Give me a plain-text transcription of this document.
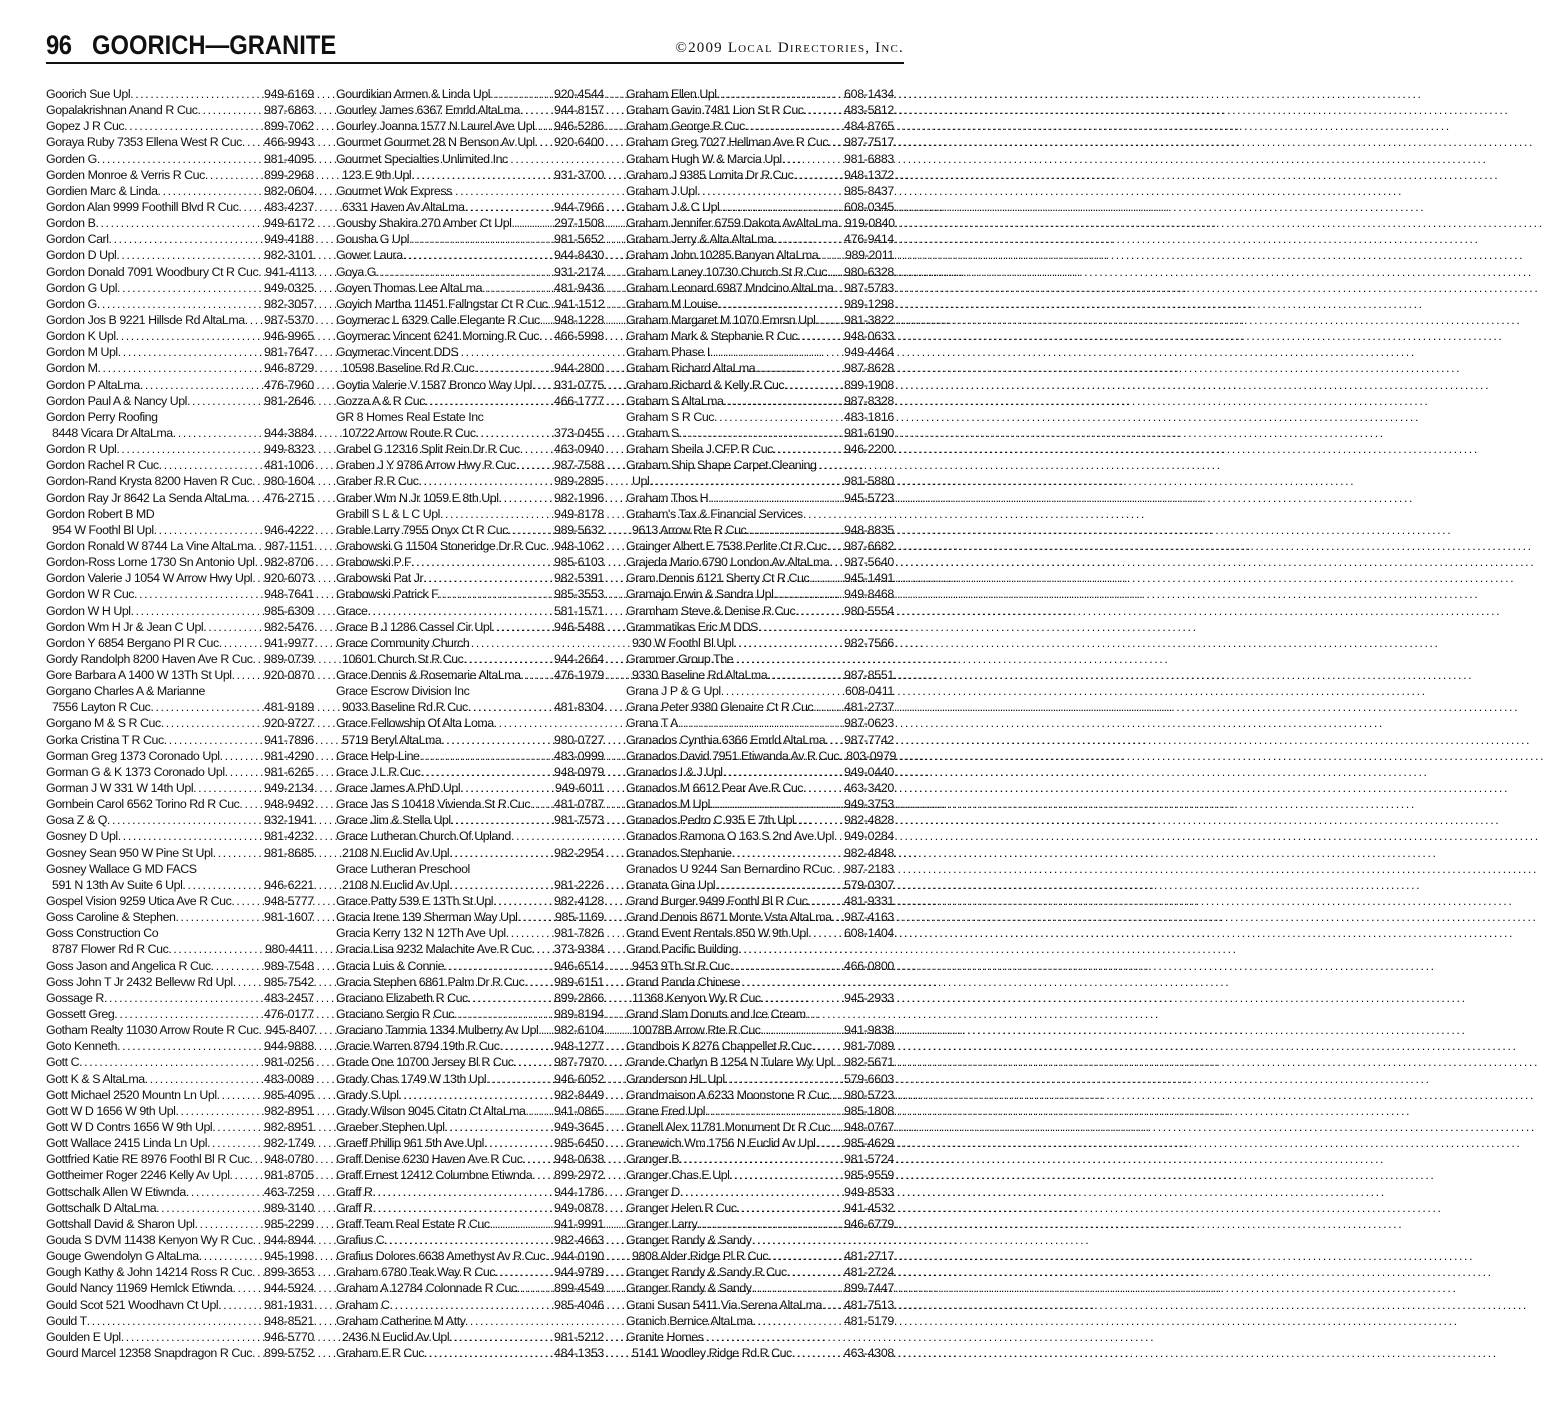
96 GOORICH—GRANITE	©2009 Local Directories, Inc.
Goorich Sue Upl .....	949-6169
Gopalakrishnan Anand R Cuc .....	987-6863
Gopez J R Cuc .....	899-7062
Goraya Ruby 7353 Ellena West R Cuc ..... 466-9943
Gorden G .....	981-4095
Gorden Monroe & Verris R Cuc .....	899-2968
Gordien Marc & Linda .....	982-0604
Gordon Alan 9999 Foothill Blvd R Cuc ..... 483-4237
Gordon B .....	949-6172
Gordon Carl .....	949-4188
Gordon D Upl .....	982-3101
Gordon Donald 7091 Woodbury Ct R Cuc ..... 941-4113
Gordon G Upl .....	949-0325
Gordon G .....	982-3057
Gordon Jos B 9221 Hillsde Rd AltaLma ..... 987-5370
Gordon K Upl .....	946-9965
Gordon M Upl .....	981-7647
Gordon M .....	946-8729
Gordon P AltaLma .....	476-7960
Gordon Paul A & Nancy Upl .....	981-2646
Gordon Perry Roofing
8448 Vicara Dr AltaLma .....	944-3884
Gordon R Upl .....	949-8323
Gordon Rachel R Cuc .....	481-1006
Gordon-Rand Krysta 8200 Haven R Cuc ..... 980-1604
Gordon Ray Jr 8642 La Senda AltaLma ..... 476-2715
Gordon Robert B MD
954 W Foothl Bl Upl .....	946-4222
Gordon Ronald W 8744 La Vine AltaLma ..... 987-1151
Gordon-Ross Lorne 1730 Sn Antonio Upl ..... 982-8706
Gordon Valerie J 1054 W Arrow Hwy Upl ..... 920-6073
Gordon W R Cuc .....	948-7641
Gordon W H Upl .....	985-6309
Gordon Wm H Jr & Jean C Upl .....	982-5476
Gordon Y 6854 Bergano Pl R Cuc .....	941-9977
Gordy Randolph 8200 Haven Ave R Cuc ..... 989-0739
Gore Barbara A 1400 W 13Th St Upl .....	920-0870
Gorgano Charles A & Marianne
7556 Layton R Cuc .....	481-9189
Gorgano M & S R Cuc .....	920-9727
Gorka Cristina T R Cuc .....	941-7896
Gorman Greg 1373 Coronado Upl .....	981-4290
Gorman G & K 1373 Coronado Upl .....	981-6265
Gorman J W 331 W 14th Upl .....	949-2134
Gornbein Carol 6562 Torino Rd R Cuc ..... 948-9492
Gosa Z & Q .....	932-1941
Gosney D Upl .....	981-4232
Gosney Sean 950 W Pine St Upl .....	981-8685
Gosney Wallace G MD FACS
591 N 13th Av Suite 6 Upl .....	946-6221
Gospel Vision 9259 Utica Ave R Cuc .....	948-5777
Goss Caroline & Stephen .....	981-1607
Goss Construction Co
8787 Flower Rd R Cuc .....	980-4411
Goss Jason and Angelica R Cuc .....	989-7548
Goss John T Jr 2432 Bellevw Rd Upl .....	985-7542
Gossage R .....	483-2457
Gossett Greg .....	476-0177
Gotham Realty 11030 Arrow Route R Cuc ..... 945-8407
Goto Kenneth .....	944-9888
Gott C .....	981-0256
Gott K & S AltaLma .....	483-0089
Gott Michael 2520 Mountn Ln Upl .....	985-4095
Gott W D 1656 W 9th Upl .....	982-8951
Gott W D Contrs 1656 W 9th Upl .....	982-8951
Gott Wallace 2415 Linda Ln Upl .....	982-1749
Gottfried Katie RE 8976 Foothl Bl R Cuc ..... 948-0780
Gottheimer Roger 2246 Kelly Av Upl .....	981-8705
Gottschalk Allen W Etiwnda .....	463-7259
Gottschalk D AltaLma .....	989-3140
Gottshall David & Sharon Upl .....	985-2299
Gouda S DVM 11438 Kenyon Wy R Cuc ..... 944-8944
Gouge Gwendolyn G AltaLma .....	945-1998
Gough Kathy & John 14214 Ross R Cuc ..... 899-3653
Gould Nancy 11969 Hemlck Etiwnda .....	944-5924
Gould Scot 521 Woodhavn Ct Upl .....	981-1931
Gould T .....	948-8521
Goulden E Upl .....	946-5770
Gourd Marcel 12358 Snapdragon R Cuc ..... 899-5752
Gourdikian Armen & Linda Upl .....	920-4544
Gourley James 6367 Emrld AltaLma .....	944-8157
Gourley Joanna 1577 N Laurel Ave Upl ..... 946-5286
Gourmet Gourmet 28 N Benson Av Upl ..... 920-6400
Gourmet Specialties Unlimited Inc
123 E 9th Upl .....	931-3700
Gourmet Wok Express
6331 Haven Av AltaLma .....	944-7966
Gousby Shakira 270 Amber Ct Upl .....	297-1508
Gousha G Upl .....	981-5652
Gower Laura .....	944-8430
Goya G .....	931-2174
Goyen Thomas Lee AltaLma .....	481-9436
Goyich Martha 11451 Fallngstar Ct R Cuc ..... 941-1512
Goymerac L 6329 Calle Elegante R Cuc ..... 948-1228
Goymerac Vincent 6241 Morning R Cuc ..... 466-5998
Goymerac Vincent DDS
10598 Baseline Rd R Cuc .....	944-2800
Goytia Valerie V 1587 Bronco Way Upl ..... 931-0775
Gozza A & R Cuc .....	466-1777
GR 8 Homes Real Estate Inc
10722 Arrow Route R Cuc .....	373-0455
Grabel G 12316 Split Rein Dr R Cuc .....	463-0940
Graben J Y 9786 Arrow Hwy R Cuc .....	987-7588
Graber R R Cuc .....	989-2895
Graber Wm N Jr 1059 E 8th Upl .....	982-1996
Grabill S L & L C Upl .....	949-8178
Grable Larry 7955 Onyx Ct R Cuc .....	989-5632
Grabowski G 11504 Stoneridge Dr R Cuc ..... 948-1062
Grabowski P F .....	985-6103
Grabowski Pat Jr .....	982-5391
Grabowski Patrick F .....	985-3553
Grace .....	581-1571
Grace B J 1286 Cassel Cir Upl .....	946-5488
Grace Community Church
10601 Church St R Cuc .....	944-2664
Grace Dennis & Rosemarie AltaLma .....	476-1979
Grace Escrow Division Inc
9033 Baseline Rd R Cuc .....	481-8304
Grace Fellowship Of Alta Loma
5719 Beryl AltaLma .....	980-0727
Grace Help-Line .....	483-0999
Grace J L R Cuc .....	948-0979
Grace James A PhD Upl .....	949-6011
Grace Jas S 10418 Vivienda St R Cuc ..... 481-0787
Grace Jim & Stella Upl .....	981-7573
Grace Lutheran Church Of Upland
2108 N Euclid Av Upl .....	982-2954
Grace Lutheran Preschool
2108 N Euclid Av Upl .....	981-2226
Grace Patty 539 E 13Th St Upl .....	982-4128
Gracia Irene 139 Sherman Way Upl .....	985-1169
Gracia Kerry 132 N 12Th Ave Upl .....	981-7826
Gracia Lisa 9232 Malachite Ave R Cuc ..... 373-9384
Gracia Luis & Connie .....	946-6514
Gracia Stephen 6861 Palm Dr R Cuc ..... 989-6151
Graciano Elizabeth R Cuc .....	899-2866
Graciano Sergio R Cuc .....	989-8194
Graciano Tammia 1334 Mulberry Av Upl ..... 982-6104
Gracie Warren 8794 19th R Cuc .....	948-1277
Grade One 10700 Jersey Bl R Cuc .....	987-7970
Grady Chas 1749 W 13th Upl .....	946-6052
Grady S Upl .....	982-8449
Grady Wilson 9045 Citatn Ct AltaLma ..... 941-0865
Graeber Stephen Upl .....	949-3645
Graeff Phillip 961 5th Ave Upl .....	985-6450
Graff Denise 6230 Haven Ave R Cuc .....	948-0638
Graff Ernest 12412 Columbne Etiwnda ..... 899-2972
Graff R .....	944-1786
Graff R .....	949-0878
Graff Team Real Estate R Cuc .....	941-9991
Grafius C .....	982-4663
Grafius Dolores 6638 Amethyst Av R Cuc ..... 944-0190
Graham 6780 Teak Way R Cuc .....	944-9789
Graham A 12784 Colonnade R Cuc .....	899-4549
Graham C .....	985-4046
Graham Catherine M Atty
2436 N Euclid Av Upl .....	981-5212
Graham E R Cuc .....	484-1353
Graham Ellen Upl .....	608-1434
Graham Gavin 7481 Lion St R Cuc .....	483-5812
Graham George R Cuc .....	484-8765
Graham Greg 7027 Hellman Ave R Cuc ..... 987-7517
Graham Hugh W & Marcia Upl .....	981-6883
Graham J 9385 Lomita Dr R Cuc .....	948-1372
Graham J Upl .....	985-8437
Graham J & C Upl .....	608-0345
Graham Jennifer 6759 Dakota AvAltaLma ..... 919-0840
Graham Jerry & Alta AltaLma .....	476-9414
Graham John 10285 Banyan AltaLma ..... 989-2011
Graham Laney 10730 Church St R Cuc ..... 980-6328
Graham Leonard 6987 Mndcino AltaLma ..... 987-5783
Graham M Louise .....	989-1298
Graham Margaret M 1070 Emrsn Upl ..... 981-3822
Graham Mark & Stephanie R Cuc .....	948-0633
Graham Phase I .....	949-4464
Graham Richard AltaLma .....	987-8628
Graham Richard & Kelly R Cuc .....	899-1908
Graham S AltaLma .....	987-8328
Graham S R Cuc .....	483-1816
Graham S .....	981-6190
Graham Sheila J CFP R Cuc .....	946-2200
Graham Ship Shape Carpet Cleaning
Upl .....	981-5880
Graham Thos H .....	945-5723
Graham's Tax & Financial Services
9613 Arrow Rte R Cuc .....	948-8835
Grainger Albert E 7538 Perlite Ct R Cuc ..... 987-6682
Grajeda Mario 6790 London Av AltaLma ..... 987-5640
Gram Dennis 6121 Sherry Ct R Cuc .....	945-1491
Gramajo Erwin & Sandra Upl .....	949-8468
Gramham Steve & Denise R Cuc .....	980-5554
Grammatikas Eric M DDS
930 W Foothl Bl Upl .....	982-7566
Grammer Group The
9330 Baseline Rd AltaLma .....	987-8551
Grana J P & G Upl .....	608-0411
Grana Peter 9380 Glenaire Ct R Cuc ..... 481-2737
Grana T A .....	987-0623
Granados Cynthia 6366 Emrld AltaLma ..... 987-7742
Granados David 7951 Etiwanda Av R Cuc ..... 803-0979
Granados I & J Upl .....	949-0440
Granados M 6612 Pear Ave R Cuc .....	463-3420
Granados M Upl .....	949-3753
Granados Pedro C 935 E 7th Upl .....	982-4828
Granados Ramona O 163 S 2nd Ave Upl ..... 949-0284
Granados Stephanie .....	982-4848
Granados U 9244 San Bernardino RCuc ..... 987-2183
Granata Gina Upl .....	579-0307
Grand Burger 9499 Foothl Bl R Cuc .....	481-9331
Grand Dennis 8671 Monte Vsta AltaLma ..... 987-4163
Grand Event Rentals 850 W 9th Upl .....	608-1404
Grand Pacific Building
9453 9Th St R Cuc .....	466-0800
Grand Panda Chinese
11368 Kenyon Wy R Cuc .....	945-2933
Grand Slam Donuts and Ice Cream
10078B Arrow Rte R Cuc .....	941-9838
Grandbois K 8276 Chappellet R Cuc .....	981-7089
Grande Charlyn B 1254 N Tulare Wy Upl ..... 982-5671
Granderson HL Upl .....	579-6603
Grandmaison A 6233 Moonstone R Cuc ..... 980-5723
Grane Fred Upl .....	985-1808
Granell Alex 11781 Monument Dr R Cuc ..... 948-0767
Granewich Wm 1756 N Euclid Av Upl ..... 985-4629
Granger B .....	981-5724
Granger Chas E Upl .....	985-9559
Granger D .....	949-8533
Granger Helen R Cuc .....	941-4532
Granger Larry .....	946-6779
Granger Randy & Sandy
9808 Alder Ridge Pl R Cuc .....	481-2717
Granger Randy & Sandy R Cuc .....	481-2724
Granger Randy & Sandy .....	899-7447
Grani Susan 5411 Via Serena AltaLma ..... 481-7513
Granich Bernice AltaLma .....	481-5179
Granite Homes
5141 Woodley Ridge Rd R Cuc .....	463-4308
